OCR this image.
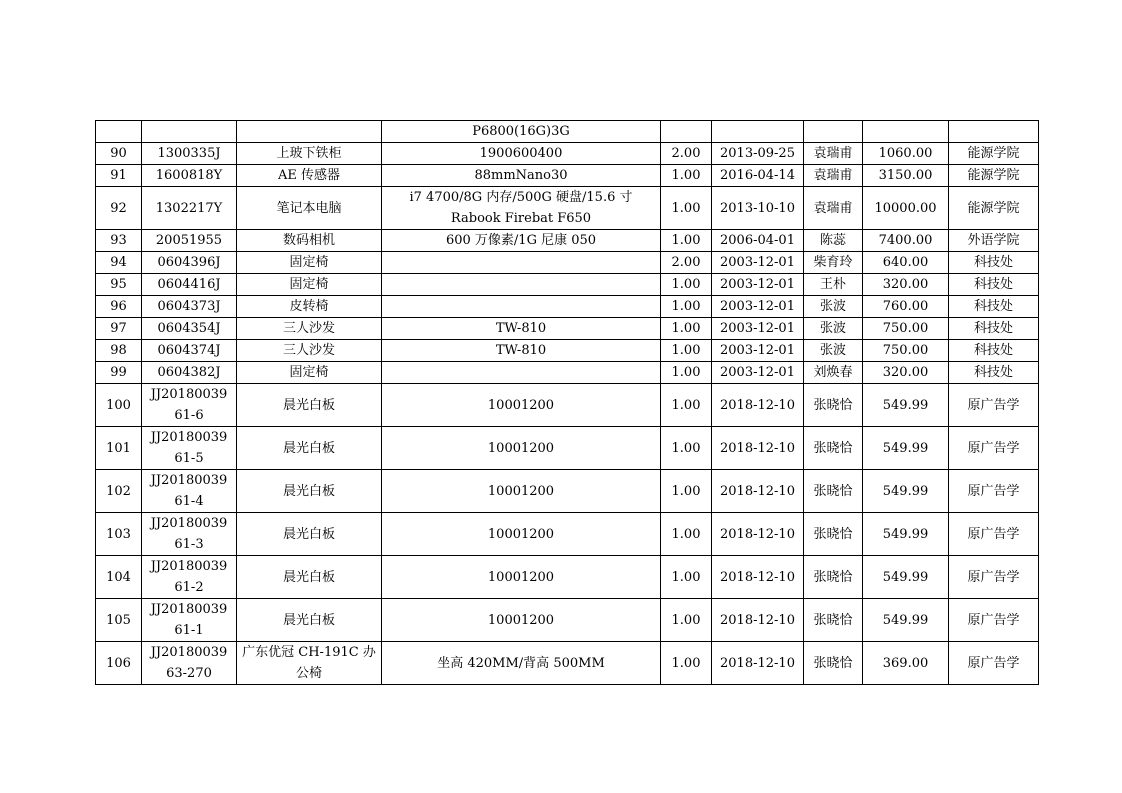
			P6800(16G)3G					
90	1300335J	上玻下铁柜	1900600400	2.00	2013-09-25	袁瑞甫	1060.00	能源学院
91	1600818Y	AE 传感器	88mmNano30	1.00	2016-04-14	袁瑞甫	3150.00	能源学院
92	1302217Y	笔记本电脑	i7 4700/8G 内存/500G 硬盘/15.6 寸
Rabook Firebat F650	1.00	2013-10-10	袁瑞甫	10000.00	能源学院
93	20051955	数码相机	600 万像素/1G 尼康 050	1.00	2006-04-01	陈蕊	7400.00	外语学院
94	0604396J	固定椅		2.00	2003-12-01	柴育玲	640.00	科技处
95	0604416J	固定椅		1.00	2003-12-01	王朴	320.00	科技处
96	0604373J	皮转椅		1.00	2003-12-01	张波	760.00	科技处
97	0604354J	三人沙发	TW-810	1.00	2003-12-01	张波	750.00	科技处
98	0604374J	三人沙发	TW-810	1.00	2003-12-01	张波	750.00	科技处
99	0604382J	固定椅		1.00	2003-12-01	刘焕春	320.00	科技处
100	JJ20180039
61-6	晨光白板	10001200	1.00	2018-12-10	张晓恰	549.99	原广告学
101	JJ20180039
61-5	晨光白板	10001200	1.00	2018-12-10	张晓恰	549.99	原广告学
102	JJ20180039
61-4	晨光白板	10001200	1.00	2018-12-10	张晓恰	549.99	原广告学
103	JJ20180039
61-3	晨光白板	10001200	1.00	2018-12-10	张晓恰	549.99	原广告学
104	JJ20180039
61-2	晨光白板	10001200	1.00	2018-12-10	张晓恰	549.99	原广告学
105	JJ20180039
61-1	晨光白板	10001200	1.00	2018-12-10	张晓恰	549.99	原广告学
106	JJ20180039
63-270	广东优冠 CH-191C 办
公椅	坐高 420MM/背高 500MM	1.00	2018-12-10	张晓恰	369.00	原广告学
